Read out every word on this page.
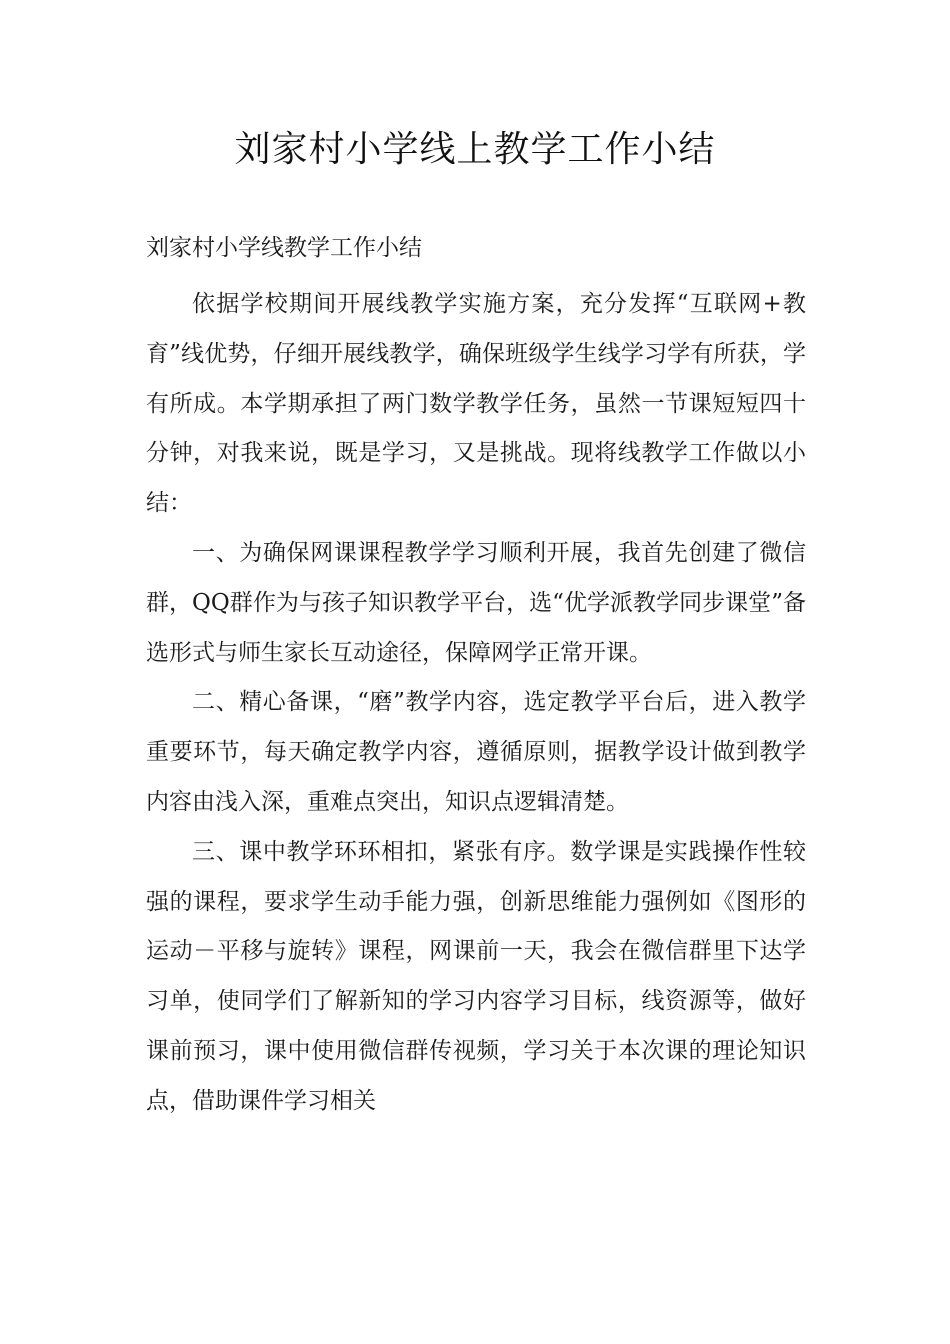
刘家村小学线上教学工作小结

刘家村小学线教学工作小结

依据学校期间开展线教学实施方案，充分发挥“互联网+教育”线优势，仔细开展线教学，确保班级学生线学习学有所获，学有所成。本学期承担了两门数学教学任务，虽然一节课短短四十分钟，对我来说，既是学习，又是挑战。现将线教学工作做以小结：

一、为确保网课课程教学学习顺利开展，我首先创建了微信群，QQ群作为与孩子知识教学平台，选“优学派教学同步课堂”备选形式与师生家长互动途径，保障网学正常开课。

二、精心备课，“磨”教学内容，选定教学平台后，进入教学重要环节，每天确定教学内容，遵循原则，据教学设计做到教学内容由浅入深，重难点突出，知识点逻辑清楚。

三、课中教学环环相扣，紧张有序。数学课是实践操作性较强的课程，要求学生动手能力强，创新思维能力强例如《图形的运动－平移与旋转》课程，网课前一天，我会在微信群里下达学习单，使同学们了解新知的学习内容学习目标，线资源等，做好课前预习，课中使用微信群传视频，学习关于本次课的理论知识点，借助课件学习相关
